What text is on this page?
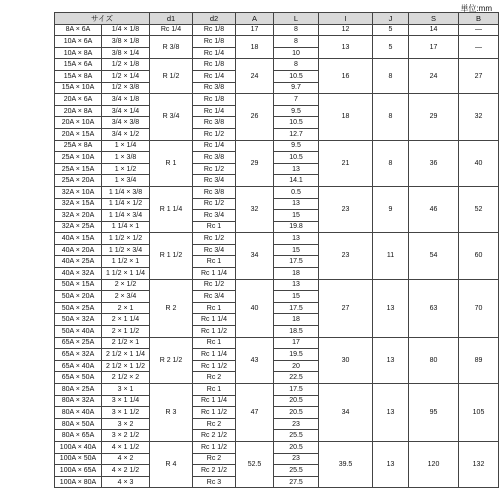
単位:mm
サイズ		d1	d2	A	L	I	J	S	B
8A × 6A	1/4 × 1/8	Rc 1/4	Rc 1/8	17	8	12	5	14	—
10A × 6A	3/8 × 1/8	R 3/8	Rc 1/8	18	8	13	5	17	—
10A × 8A	3/8 × 1/4		Rc 1/4		10				
15A × 6A	1/2 × 1/8	R 1/2	Rc 1/8	24	8	16	8	24	27
15A × 8A	1/2 × 1/4		Rc 1/4		10.5				
15A × 10A	1/2 × 3/8		Rc 3/8		9.7				
20A × 6A	3/4 × 1/8	R 3/4	Rc 1/8	26	7	18	8	29	32
20A × 8A	3/4 × 1/4		Rc 1/4		9.5				
20A × 10A	3/4 × 3/8		Rc 3/8		10.5				
20A × 15A	3/4 × 1/2		Rc 1/2		12.7				
25A × 8A	1 × 1/4	R 1	Rc 1/4	29	9.5	21	8	36	40
25A × 10A	1 × 3/8		Rc 3/8		10.5				
25A × 15A	1 × 1/2		Rc 1/2		13				
25A × 20A	1 × 3/4		Rc 3/4		14.1				
32A × 10A	1 1/4 × 3/8	R 1 1/4	Rc 3/8	32	0.5	23	9	46	52
32A × 15A	1 1/4 × 1/2		Rc 1/2		13				
32A × 20A	1 1/4 × 3/4		Rc 3/4		15				
32A × 25A	1 1/4 × 1		Rc 1		19.8				
40A × 15A	1 1/2 × 1/2	R 1 1/2	Rc 1/2	34	13	23	11	54	60
40A × 20A	1 1/2 × 3/4		Rc 3/4		15				
40A × 25A	1 1/2 × 1		Rc 1		17.5				
40A × 32A	1 1/2 × 1 1/4		Rc 1 1/4		18				
50A × 15A	2 × 1/2	R 2	Rc 1/2	40	13	27	13	63	70
50A × 20A	2 × 3/4		Rc 3/4		15				
50A × 25A	2 × 1		Rc 1		17.5				
50A × 32A	2 × 1 1/4		Rc 1 1/4		18				
50A × 40A	2 × 1 1/2		Rc 1 1/2		18.5				
65A × 25A	2 1/2 × 1	R 2 1/2	Rc 1	43	17	30	13	80	89
65A × 32A	2 1/2 × 1 1/4		Rc 1 1/4		19.5				
65A × 40A	2 1/2 × 1 1/2		Rc 1 1/2		20				
65A × 50A	2 1/2 × 2		Rc 2		22.5				
80A × 25A	3 × 1	R 3	Rc 1	47	17.5	34	13	95	105
80A × 32A	3 × 1 1/4		Rc 1 1/4		20.5				
80A × 40A	3 × 1 1/2		Rc 1 1/2		20.5				
80A × 50A	3 × 2		Rc 2		23				
80A × 65A	3 × 2 1/2		Rc 2 1/2		25.5				
100A × 40A	4 × 1 1/2	R 4	Rc 1 1/2	52.5	20.5	39.5	13	120	132
100A × 50A	4 × 2		Rc 2		23				
100A × 65A	4 × 2 1/2		Rc 2 1/2		25.5				
100A × 80A	4 × 3		Rc 3		27.5				
